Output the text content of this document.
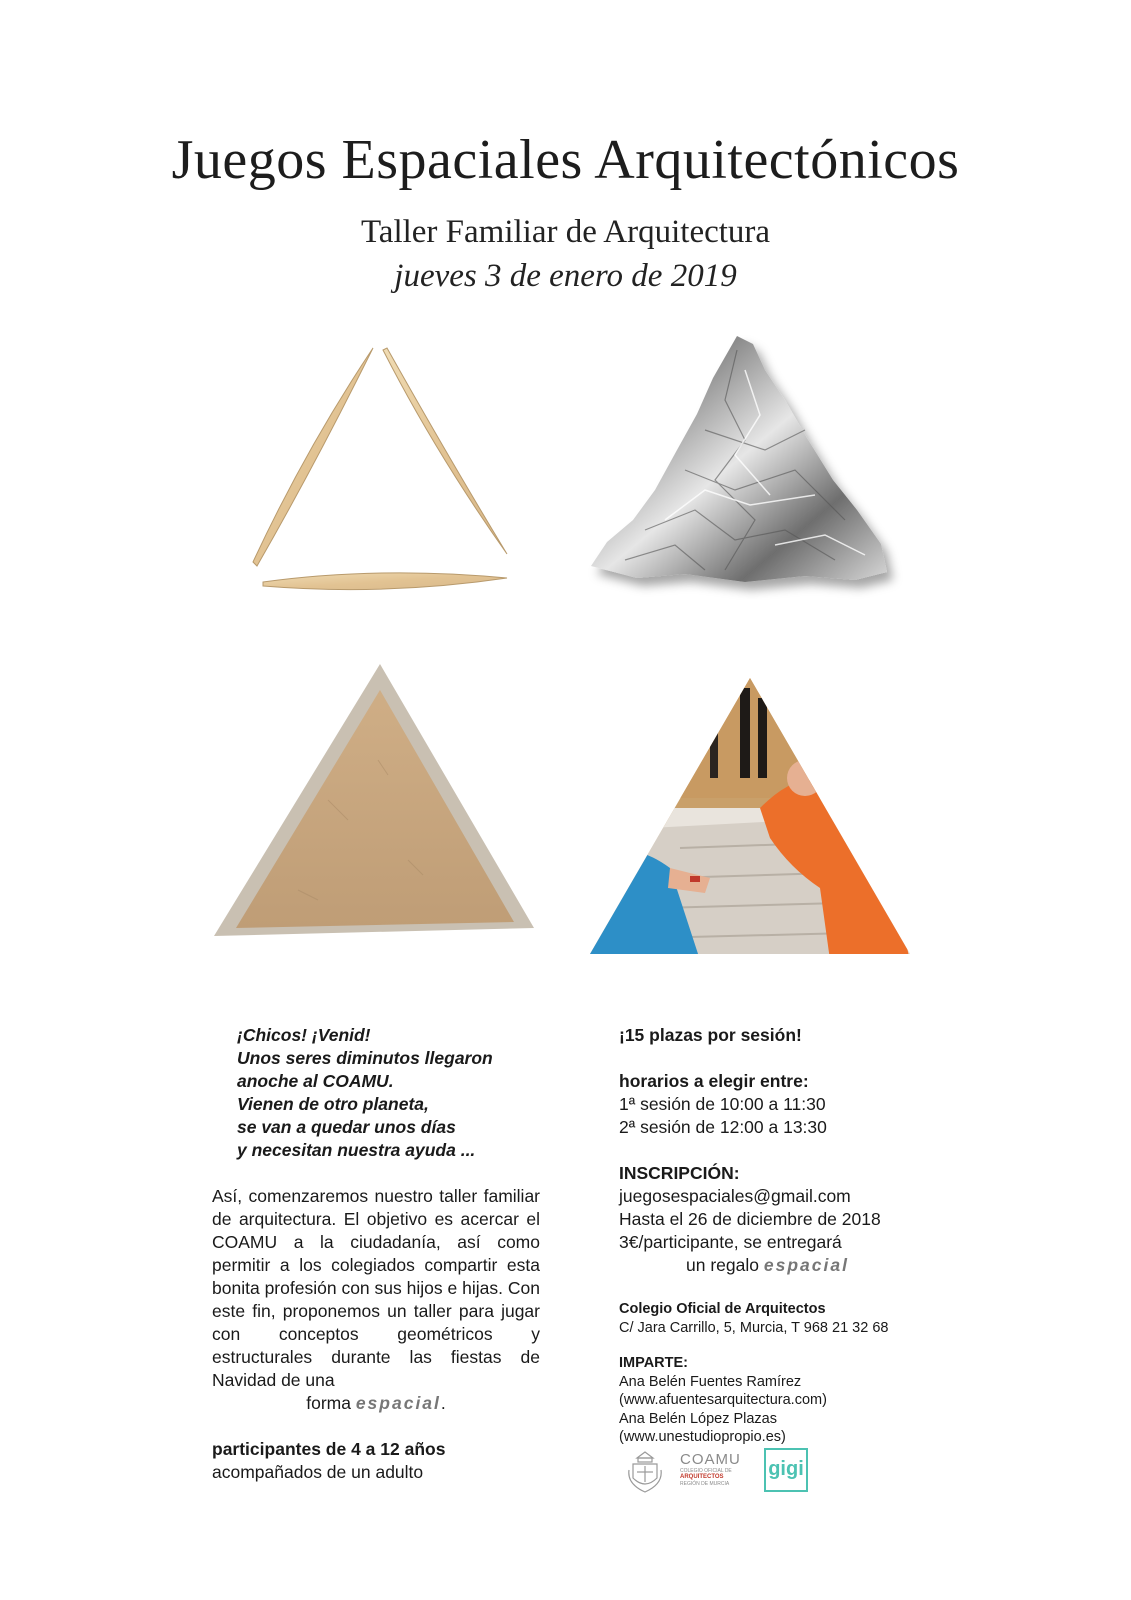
Juegos Espaciales Arquitectónicos
Taller Familiar de Arquitectura
jueves 3 de enero de 2019
¡Chicos! ¡Venid!
Unos seres diminutos llegaron
anoche al COAMU.
Vienen de otro planeta,
se van a quedar unos días
y necesitan nuestra ayuda ...

Así, comenzaremos nuestro taller familiar de arquitectura. El objetivo es acercar el COAMU a la ciudadanía, así como permitir a los colegiados compartir esta bonita profesión con sus hijos e hijas. Con este fin, proponemos un taller para jugar con conceptos geométricos y estructurales durante las fiestas de Navidad de una

forma espacial.
participantes de 4 a 12 años
acompañados de un adulto
¡15 plazas por sesión!
horarios a elegir entre:
1ª sesión de 10:00 a 11:30
2ª sesión de 12:00 a 13:30
INSCRIPCIÓN:
juegosespaciales@gmail.com
Hasta el 26 de diciembre de 2018
3€/participante, se entregará
un regalo espacial
Colegio Oficial de Arquitectos
C/ Jara Carrillo, 5, Murcia, T 968 21 32 68
IMPARTE:
Ana Belén Fuentes Ramírez
(www.afuentesarquitectura.com)
Ana Belén López Plazas
(www.unestudiopropio.es)
COAMU
COLEGIO OFICIAL DE
ARQUITECTOS
REGIÓN DE MURCIA
gigi
